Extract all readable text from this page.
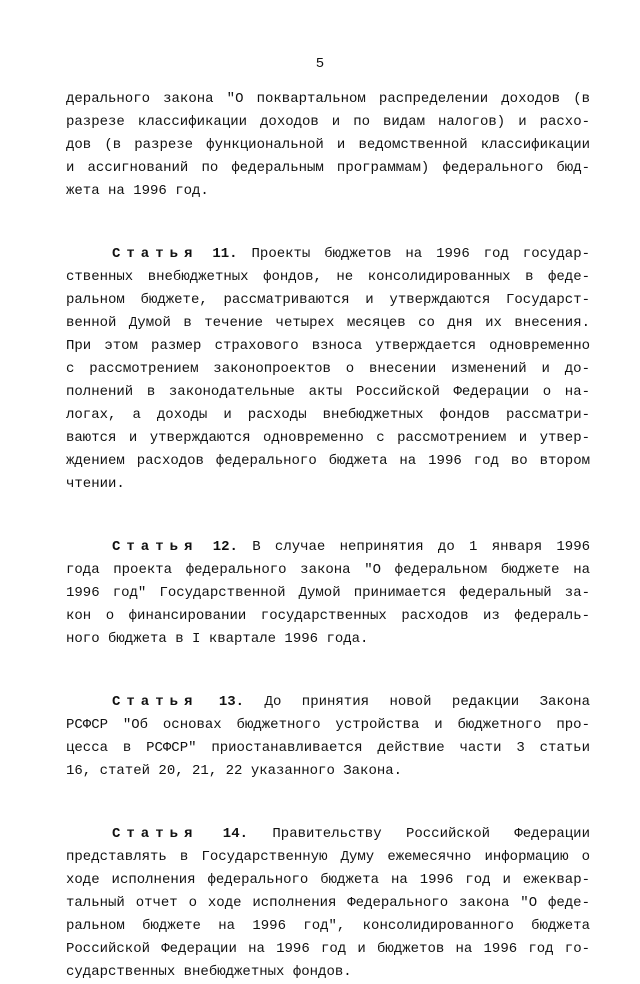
5
дерального закона "О поквартальном распределении доходов (в
разрезе классификации доходов и по видам налогов) и расхо-
дов (в разрезе функциональной и ведомственной классификации
и ассигнований по федеральным программам) федерального бюд-
жета на 1996 год.
Статья 11. Проекты бюджетов на 1996 год государ-
ственных внебюджетных фондов, не консолидированных в феде-
ральном бюджете, рассматриваются и утверждаются Государст-
венной Думой в течение четырех месяцев со дня их внесения.
При этом размер страхового взноса утверждается одновременно
с рассмотрением законопроектов о внесении изменений и до-
полнений в законодательные акты Российской Федерации о на-
логах, а доходы и расходы внебюджетных фондов рассматри-
ваются и утверждаются одновременно с рассмотрением и утвер-
ждением расходов федерального бюджета на 1996 год во втором
чтении.
Статья 12. В случае непринятия до 1 января 1996
года проекта федерального закона "О федеральном бюджете на
1996 год" Государственной Думой принимается федеральный за-
кон о финансировании государственных расходов из федераль-
ного бюджета в I квартале 1996 года.
Статья 13. До принятия новой редакции Закона
РСФСР "Об основах бюджетного устройства и бюджетного про-
цесса в РСФСР" приостанавливается действие части 3 статьи
16, статей 20, 21, 22 указанного Закона.
Статья 14. Правительству Российской Федерации
представлять в Государственную Думу ежемесячно информацию о
ходе исполнения федерального бюджета на 1996 год и ежеквар-
тальный отчет о ходе исполнения Федерального закона "О феде-
ральном бюджете на 1996 год", консолидированного бюджета
Российской Федерации на 1996 год и бюджетов на 1996 год го-
сударственных внебюджетных фондов.
